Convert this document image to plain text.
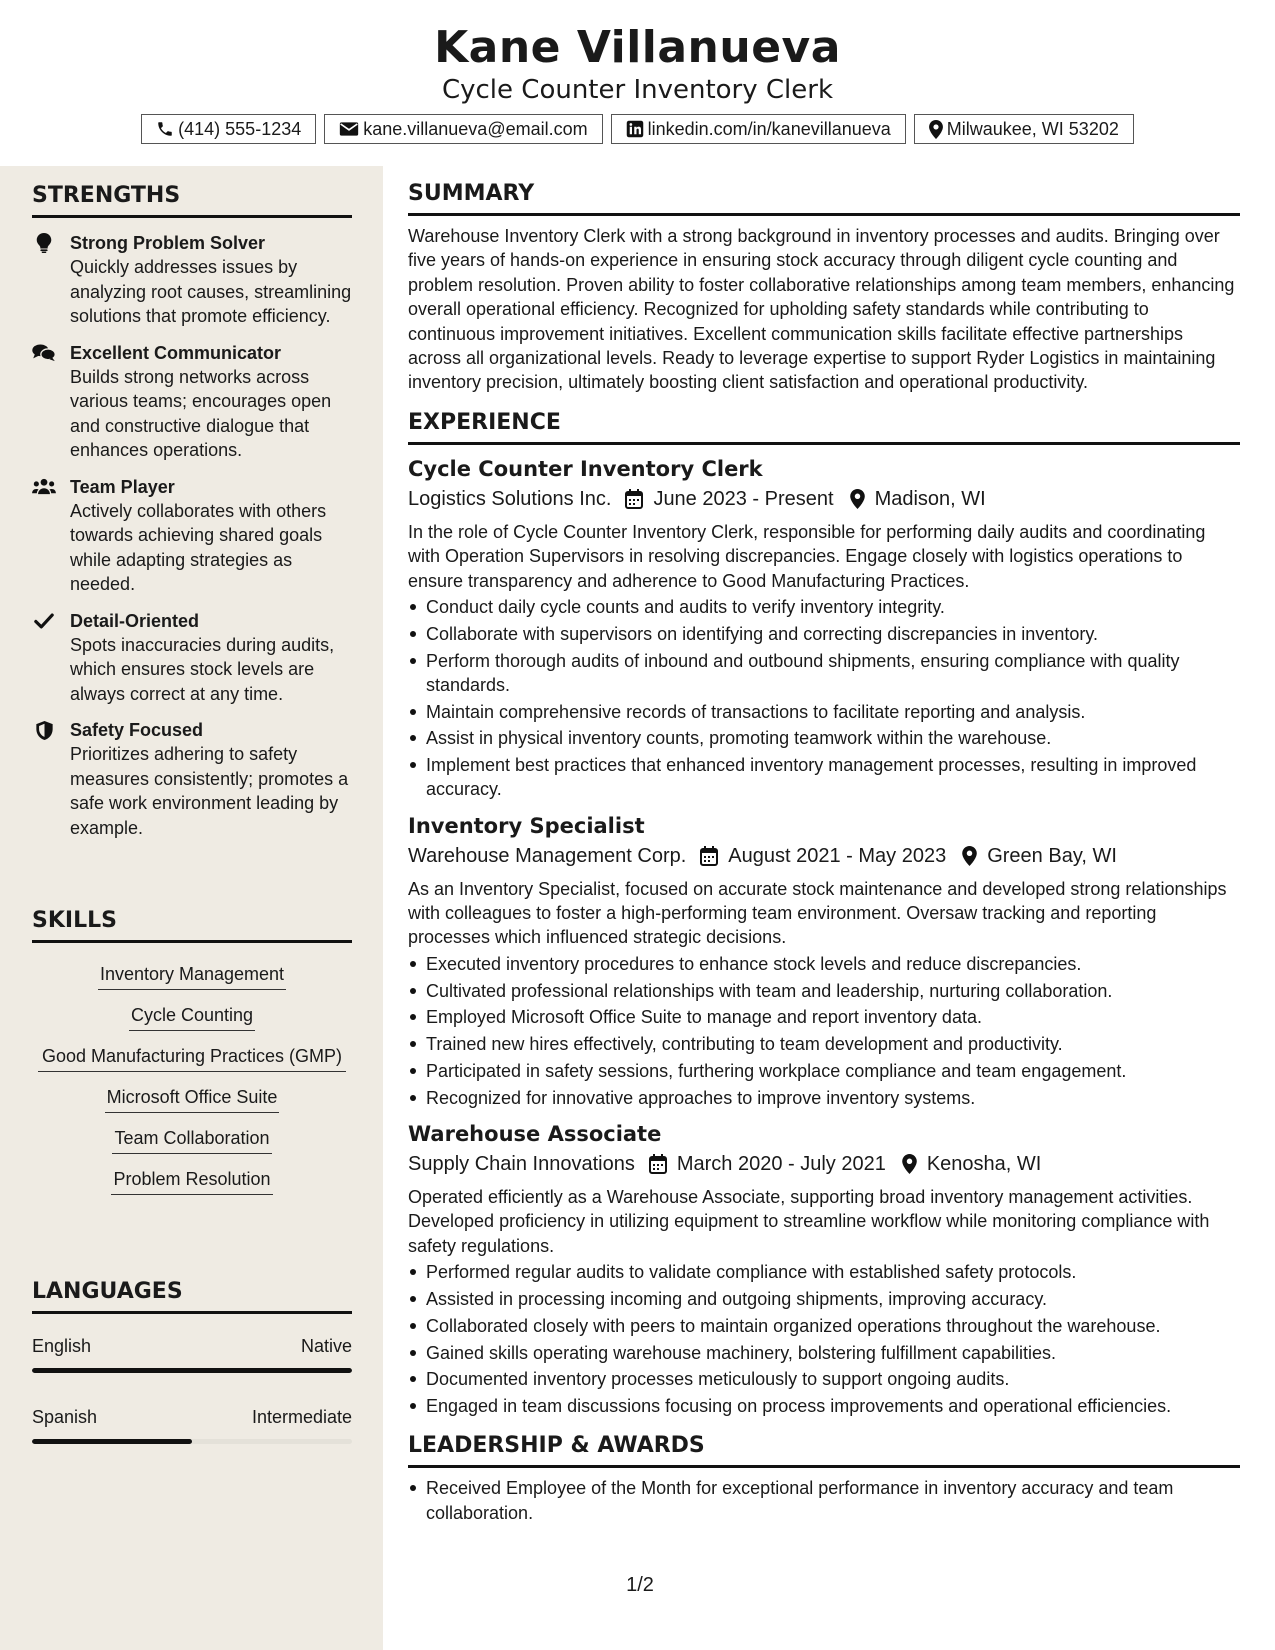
Kane Villanueva
Cycle Counter Inventory Clerk
(414) 555-1234	kane.villanueva@email.com	linkedin.com/in/kanevillanueva	Milwaukee, WI 53202
STRENGTHS
Strong Problem Solver
Quickly addresses issues by analyzing root causes, streamlining solutions that promote efficiency.
Excellent Communicator
Builds strong networks across various teams; encourages open and constructive dialogue that enhances operations.
Team Player
Actively collaborates with others towards achieving shared goals while adapting strategies as needed.
Detail-Oriented
Spots inaccuracies during audits, which ensures stock levels are always correct at any time.
Safety Focused
Prioritizes adhering to safety measures consistently; promotes a safe work environment leading by example.
SKILLS
Inventory Management
Cycle Counting

Good Manufacturing Practices (GMP)
Microsoft Office Suite
Team Collaboration
Problem Resolution
LANGUAGES
English	Native
Spanish	Intermediate
SUMMARY
Warehouse Inventory Clerk with a strong background in inventory processes and audits. Bringing over five years of hands-on experience in ensuring stock accuracy through diligent cycle counting and problem resolution. Proven ability to foster collaborative relationships among team members, enhancing overall operational efficiency. Recognized for upholding safety standards while contributing to continuous improvement initiatives. Excellent communication skills facilitate effective partnerships across all organizational levels. Ready to leverage expertise to support Ryder Logistics in maintaining inventory precision, ultimately boosting client satisfaction and operational productivity.
EXPERIENCE
Cycle Counter Inventory Clerk
Logistics Solutions Inc. June 2023 - Present Madison, WI
In the role of Cycle Counter Inventory Clerk, responsible for performing daily audits and coordinating with Operation Supervisors in resolving discrepancies. Engage closely with logistics operations to ensure transparency and adherence to Good Manufacturing Practices.
Conduct daily cycle counts and audits to verify inventory integrity.
Collaborate with supervisors on identifying and correcting discrepancies in inventory.
Perform thorough audits of inbound and outbound shipments, ensuring compliance with quality standards.
Maintain comprehensive records of transactions to facilitate reporting and analysis.
Assist in physical inventory counts, promoting teamwork within the warehouse.
Implement best practices that enhanced inventory management processes, resulting in improved accuracy.
Inventory Specialist
Warehouse Management Corp. August 2021 - May 2023 Green Bay, WI
As an Inventory Specialist, focused on accurate stock maintenance and developed strong relationships with colleagues to foster a high-performing team environment. Oversaw tracking and reporting processes which influenced strategic decisions.
Executed inventory procedures to enhance stock levels and reduce discrepancies.
Cultivated professional relationships with team and leadership, nurturing collaboration.
Employed Microsoft Office Suite to manage and report inventory data.
Trained new hires effectively, contributing to team development and productivity.
Participated in safety sessions, furthering workplace compliance and team engagement.
Recognized for innovative approaches to improve inventory systems.
Warehouse Associate
Supply Chain Innovations March 2020 - July 2021 Kenosha, WI
Operated efficiently as a Warehouse Associate, supporting broad inventory management activities. Developed proficiency in utilizing equipment to streamline workflow while monitoring compliance with safety regulations.
Performed regular audits to validate compliance with established safety protocols.
Assisted in processing incoming and outgoing shipments, improving accuracy.
Collaborated closely with peers to maintain organized operations throughout the warehouse.
Gained skills operating warehouse machinery, bolstering fulfillment capabilities.
Documented inventory processes meticulously to support ongoing audits.
Engaged in team discussions focusing on process improvements and operational efficiencies.
LEADERSHIP & AWARDS
Received Employee of the Month for exceptional performance in inventory accuracy and team collaboration.
1/2
